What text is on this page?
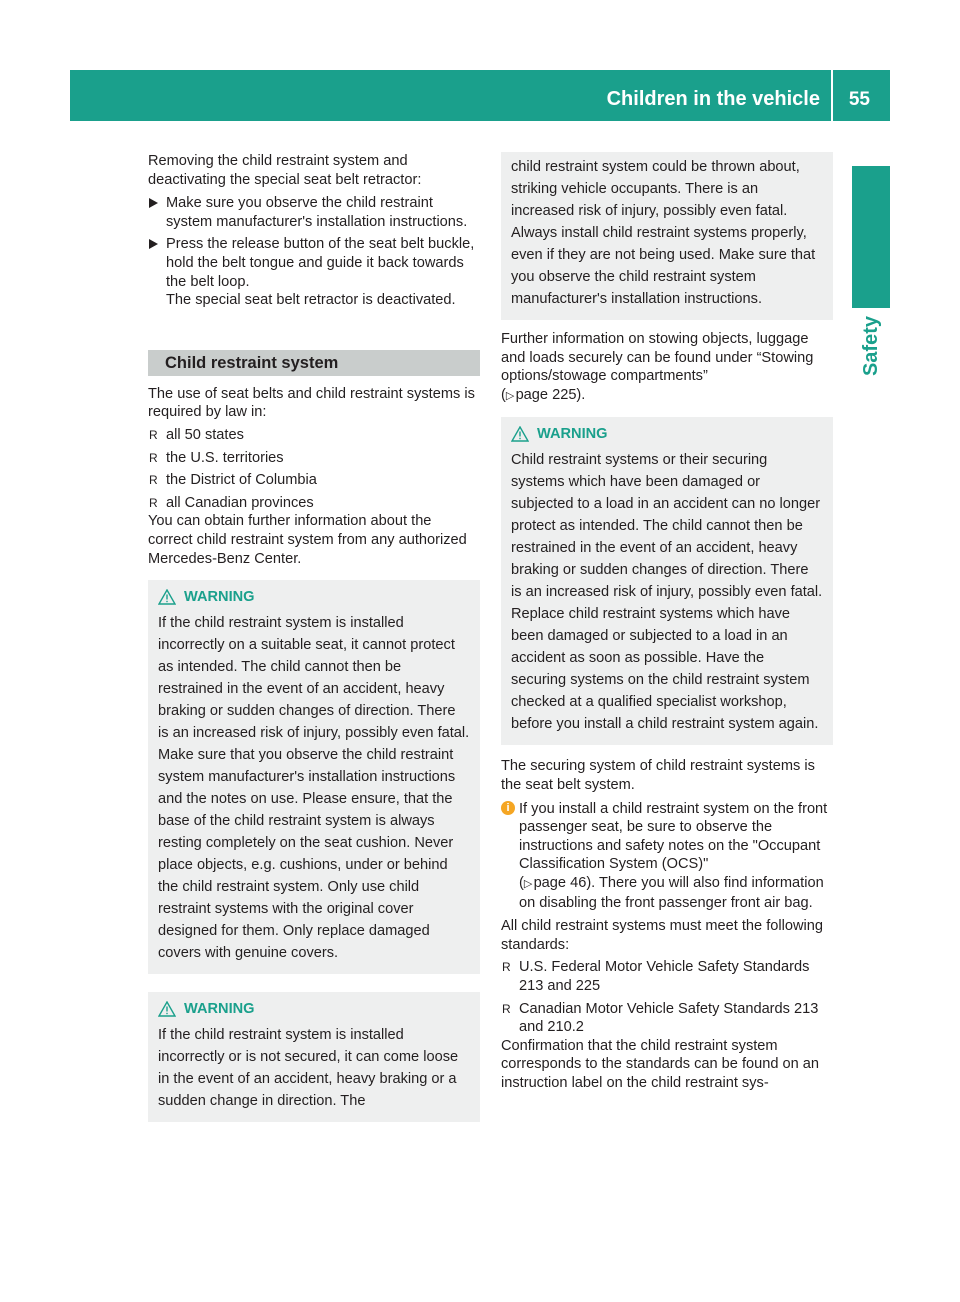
Children in the vehicle 55
Safety

Removing the child restraint system and deactivating the special seat belt retractor:

Make sure you observe the child restraint system manufacturer's installation instructions.
Press the release button of the seat belt buckle, hold the belt tongue and guide it back towards the belt loop.
The special seat belt retractor is deactivated.
Child restraint system

The use of seat belts and child restraint systems is required by law in:

R all 50 states
R the U.S. territories
R the District of Columbia
R all Canadian provinces

You can obtain further information about the correct child restraint system from any authorized Mercedes-Benz Center.

WARNING

If the child restraint system is installed incorrectly on a suitable seat, it cannot protect as intended. The child cannot then be restrained in the event of an accident, heavy braking or sudden changes of direction. There is an increased risk of injury, possibly even fatal.

Make sure that you observe the child restraint system manufacturer's installation instructions and the notes on use. Please ensure, that the base of the child restraint system is always resting completely on the seat cushion. Never place objects, e.g. cushions, under or behind the child restraint system. Only use child restraint systems with the original cover designed for them. Only replace damaged covers with genuine covers.

WARNING

If the child restraint system is installed incorrectly or is not secured, it can come loose in the event of an accident, heavy braking or a sudden change in direction. The

child restraint system could be thrown about, striking vehicle occupants. There is an increased risk of injury, possibly even fatal.

Always install child restraint systems properly, even if they are not being used. Make sure that you observe the child restraint system manufacturer's installation instructions.

Further information on stowing objects, luggage and loads securely can be found under “Stowing options/stowage compartments”

(▷ page 225).

WARNING

Child restraint systems or their securing systems which have been damaged or subjected to a load in an accident can no longer protect as intended. The child cannot then be restrained in the event of an accident, heavy braking or sudden changes of direction. There is an increased risk of injury, possibly even fatal.

Replace child restraint systems which have been damaged or subjected to a load in an accident as soon as possible. Have the securing systems on the child restraint system checked at a qualified specialist workshop, before you install a child restraint system again.

The securing system of child restraint systems is the seat belt system.

i If you install a child restraint system on the front passenger seat, be sure to observe the instructions and safety notes on the "Occupant Classification System (OCS)"
(▷ page 46). There you will also find information on disabling the front passenger front air bag.

All child restraint systems must meet the following standards:

R U.S. Federal Motor Vehicle Safety Standards 213 and 225
R Canadian Motor Vehicle Safety Standards 213 and 210.2

Confirmation that the child restraint system corresponds to the standards can be found on an instruction label on the child restraint sys-
